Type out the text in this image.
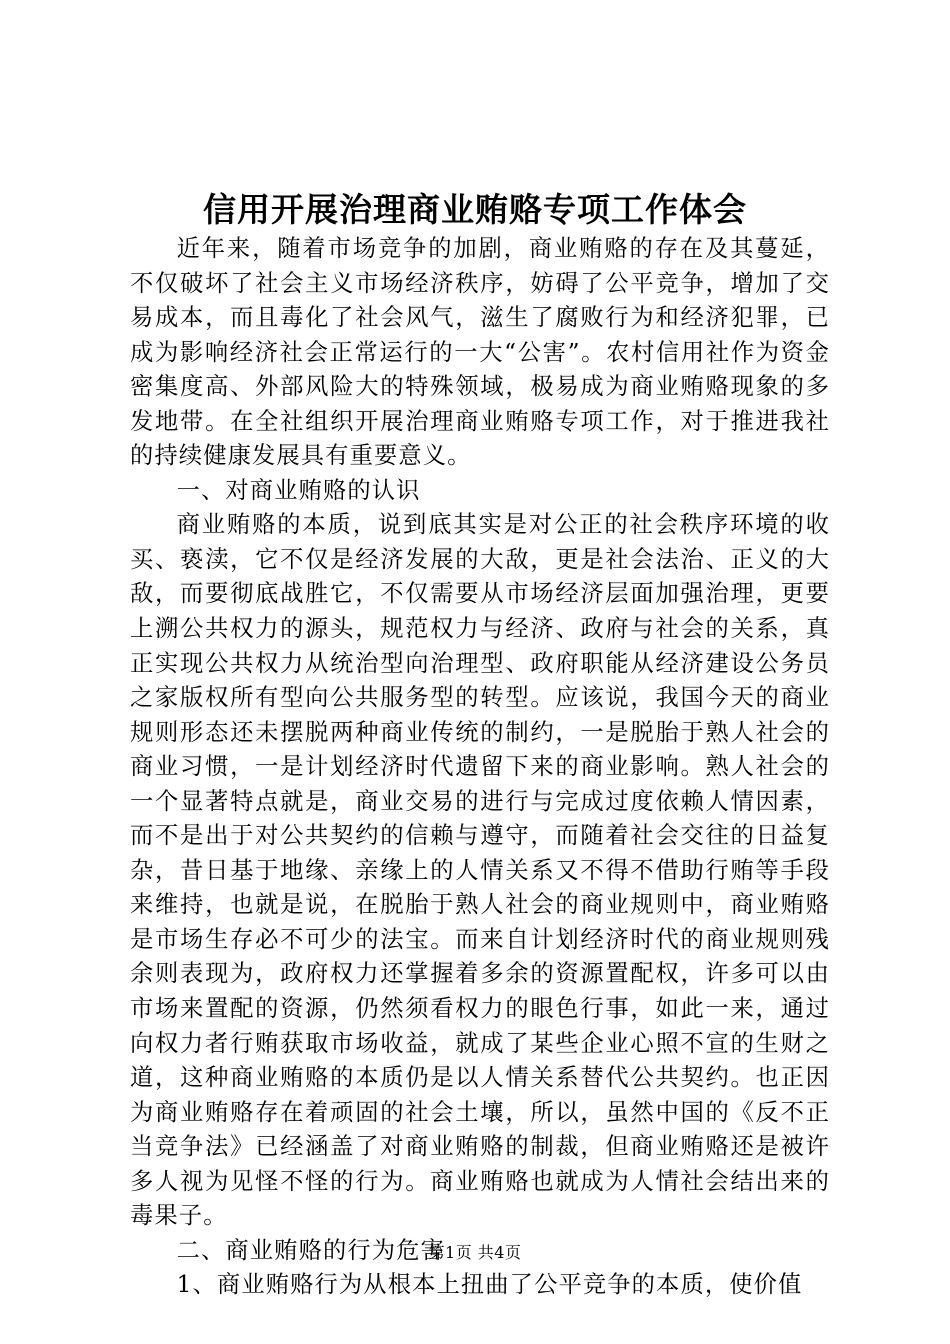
信用开展治理商业贿赂专项工作体会

近年来，随着市场竞争的加剧，商业贿赂的存在及其蔓延，不仅破坏了社会主义市场经济秩序，妨碍了公平竞争，增加了交易成本，而且毒化了社会风气，滋生了腐败行为和经济犯罪，已成为影响经济社会正常运行的一大“公害”。农村信用社作为资金密集度高、外部风险大的特殊领域，极易成为商业贿赂现象的多发地带。在全社组织开展治理商业贿赂专项工作，对于推进我社的持续健康发展具有重要意义。

一、对商业贿赂的认识

商业贿赂的本质，说到底其实是对公正的社会秩序环境的收买、亵渎，它不仅是经济发展的大敌，更是社会法治、正义的大敌，而要彻底战胜它，不仅需要从市场经济层面加强治理，更要上溯公共权力的源头，规范权力与经济、政府与社会的关系，真正实现公共权力从统治型向治理型、政府职能从经济建设公务员之家版权所有型向公共服务型的转型。应该说，我国今天的商业规则形态还未摆脱两种商业传统的制约，一是脱胎于熟人社会的商业习惯，一是计划经济时代遗留下来的商业影响。熟人社会的一个显著特点就是，商业交易的进行与完成过度依赖人情因素，而不是出于对公共契约的信赖与遵守，而随着社会交往的日益复杂，昔日基于地缘、亲缘上的人情关系又不得不借助行贿等手段来维持，也就是说，在脱胎于熟人社会的商业规则中，商业贿赂是市场生存必不可少的法宝。而来自计划经济时代的商业规则残余则表现为，政府权力还掌握着多余的资源置配权，许多可以由市场来置配的资源，仍然须看权力的眼色行事，如此一来，通过向权力者行贿获取市场收益，就成了某些企业心照不宣的生财之道，这种商业贿赂的本质仍是以人情关系替代公共契约。也正因为商业贿赂存在着顽固的社会土壤，所以，虽然中国的《反不正当竞争法》已经涵盖了对商业贿赂的制裁，但商业贿赂还是被许多人视为见怪不怪的行为。商业贿赂也就成为人情社会结出来的毒果子。

二、商业贿赂的行为危害

1、商业贿赂行为从根本上扭曲了公平竞争的本质，使价值

第1页 共4页
